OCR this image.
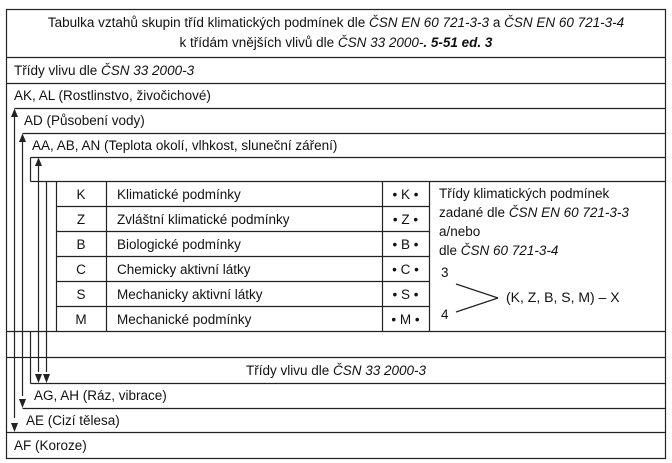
Tabulka vztahů skupin tříd klimatických podmínek dle ČSN EN 60 721-3-3 a ČSN EN 60 721-3-4
k třídám vnějších vlivů dle ČSN 33 2000-. 5-51 ed. 3
Třídy vlivu dle ČSN 33 2000-3
AK, AL (Rostlinstvo, živočichové)
AD (Působení vody)
AA, AB, AN (Teplota okolí, vlhkost, sluneční záření)
K	Klimatické podmínky	• K •
Z	Zvláštní klimatické podmínky	• Z •
B	Biologické podmínky	• B •
C	Chemicky aktivní látky	• C •
S	Mechanicky aktivní látky	• S •
M	Mechanické podmínky	• M •
Třídy klimatických podmínek
zadané dle ČSN EN 60 721-3-3
a/nebo
dle ČSN 60 721-3-4
3
4
(K, Z, B, S, M) – X
Třídy vlivu dle ČSN 33 2000-3
AG, AH (Ráz, vibrace)
AE (Cizí tělesa)
AF (Koroze)
